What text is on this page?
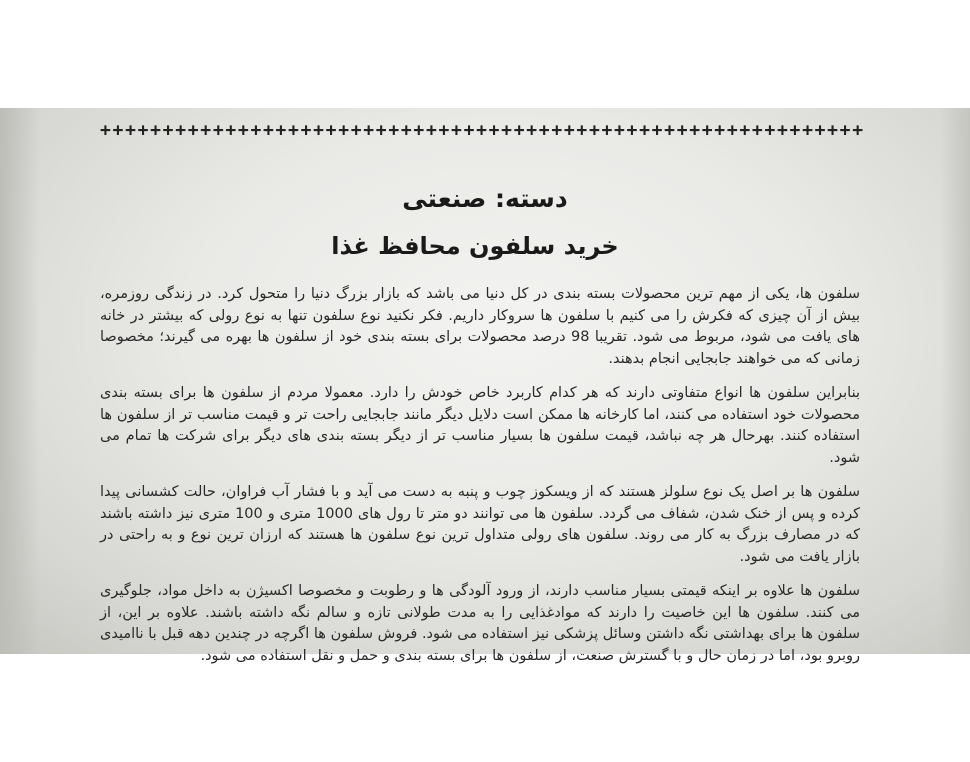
+++++++++++++++++++++++++++++++++++++++++++++++++++++++++++++
دسته: صنعتی
خرید سلفون محافظ غذا

سلفون ها، یکی از مهم ترین محصولات بسته بندی در کل دنیا می باشد که بازار بزرگ دنیا را متحول کرد. در زندگی روزمره، بیش از آن چیزی که فکرش را می کنیم با سلفون ها سروکار داریم. فکر نکنید نوع سلفون تنها به نوع رولی که بیشتر در خانه های یافت می شود، مربوط می شود. تقریبا 98 درصد محصولات برای بسته بندی خود از سلفون ها بهره می گیرند؛ مخصوصا زمانی که می خواهند جابجایی انجام بدهند.

بنابراین سلفون ها انواع متفاوتی دارند که هر کدام کاربرد خاص خودش را دارد. معمولا مردم از سلفون ها برای بسته بندی محصولات خود استفاده می کنند، اما کارخانه ها ممکن است دلایل دیگر مانند جابجایی راحت تر و قیمت مناسب تر از سلفون ها استفاده کنند. بهرحال هر چه نباشد، قیمت سلفون ها بسیار مناسب تر از دیگر بسته بندی های دیگر برای شرکت ها تمام می شود.

سلفون ها بر اصل یک نوع سلولز هستند که از ویسکوز چوب و پنبه به دست می آید و با فشار آب فراوان، حالت کشسانی پیدا کرده و پس از خنک شدن، شفاف می گردد. سلفون ها می توانند دو متر تا رول های 1000 متری و 100 متری نیز داشته باشند که در مصارف بزرگ به کار می روند. سلفون های رولی متداول ترین نوع سلفون ها هستند که ارزان ترین نوع و به راحتی در بازار یافت می شود.

سلفون ها علاوه بر اینکه قیمتی بسیار مناسب دارند، از ورود آلودگی ها و رطوبت و مخصوصا اکسیژن به داخل مواد، جلوگیری می کنند. سلفون ها این خاصیت را دارند که موادغذایی را به مدت طولانی تازه و سالم نگه داشته باشند. علاوه بر این، از سلفون ها برای بهداشتی نگه داشتن وسائل پزشکی نیز استفاده می شود. فروش سلفون ها اگرچه در چندین دهه قبل با ناامیدی روبرو بود، اما در زمان حال و با گسترش صنعت، از سلفون ها برای بسته بندی و حمل و نقل استفاده می شود.
